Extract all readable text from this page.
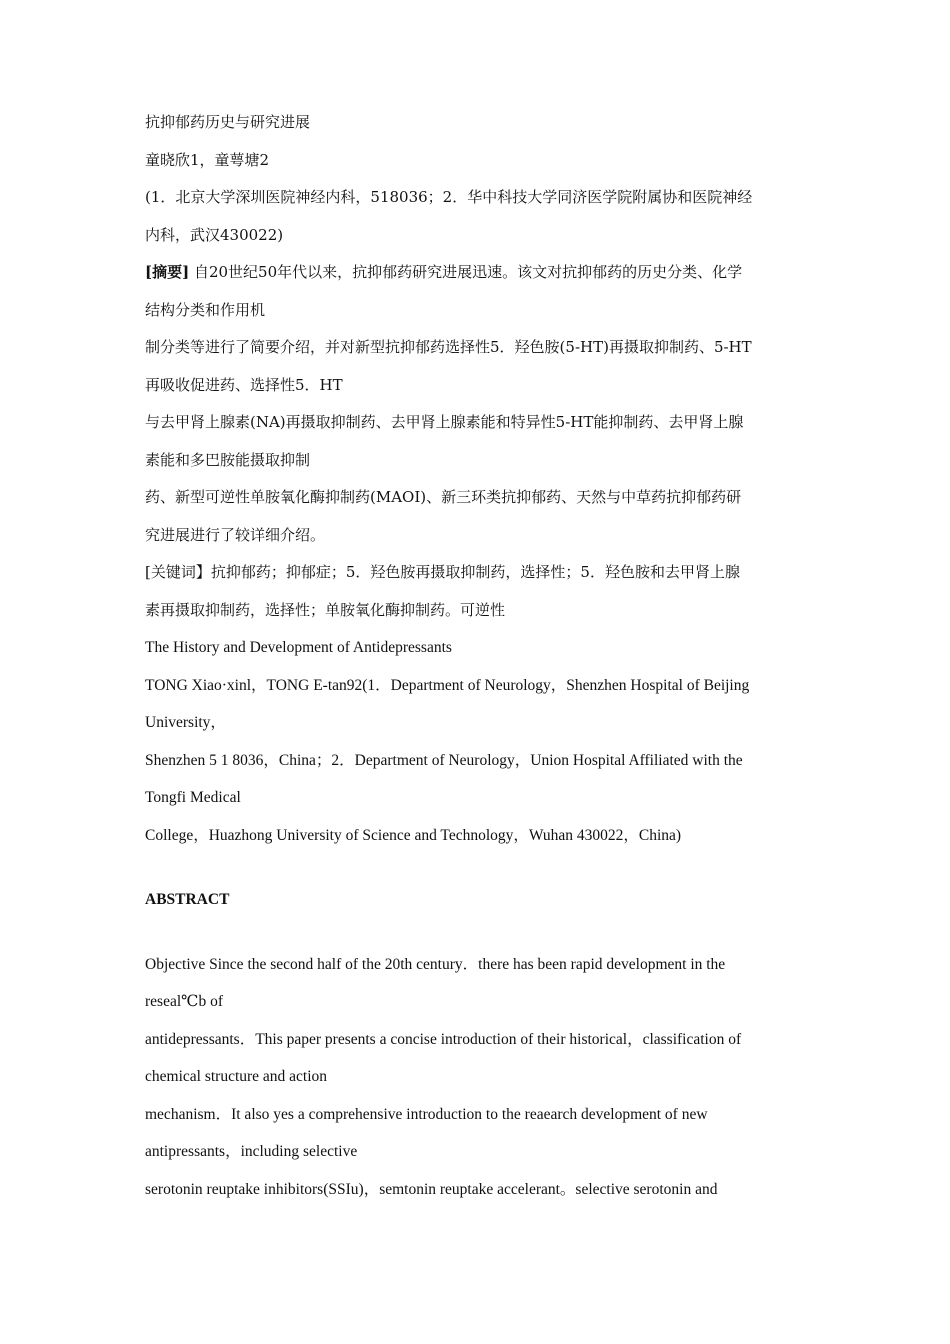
抗抑郁药历史与研究进展
童晓欣1，童萼塘2
(1．北京大学深圳医院神经内科，518036；2．华中科技大学同济医学院附属协和医院神经
内科，武汉430022)
[摘要] 自20世纪50年代以来，抗抑郁药研究进展迅速。该文对抗抑郁药的历史分类、化学
结构分类和作用机
制分类等进行了简要介绍，并对新型抗抑郁药选择性5．羟色胺(5-HT)再摄取抑制药、5-HT
再吸收促进药、选择性5．HT
与去甲肾上腺素(NA)再摄取抑制药、去甲肾上腺素能和特异性5-HT能抑制药、去甲肾上腺
素能和多巴胺能摄取抑制
药、新型可逆性单胺氧化酶抑制药(MAOI)、新三环类抗抑郁药、天然与中草药抗抑郁药研
究进展进行了较详细介绍。
[关键词】抗抑郁药；抑郁症；5．羟色胺再摄取抑制药，选择性；5．羟色胺和去甲肾上腺
素再摄取抑制药，选择性；单胺氧化酶抑制药。可逆性
The History and Development of Antidepressants
TONG Xiao·xinl，TONG E-tan92(1．Department of Neurology，Shenzhen Hospital of Beijing
University，
Shenzhen 5 1 8036，China；2．Department of Neurology，Union Hospital Affiliated with the
Tongfi Medical
College，Huazhong University of Science and Technology，Wuhan 430022，China)
ABSTRACT
Objective Since the second half of the 20th century．there has been rapid development in the
reseal℃b of
antidepressants．This paper presents a concise introduction of their historical，classification of
chemical structure and action
mechanism．It also yes a comprehensive introduction to the reaearch development of new
antipressants，including selective
serotonin reuptake inhibitors(SSIu)，semtonin reuptake accelerant。selective serotonin and
